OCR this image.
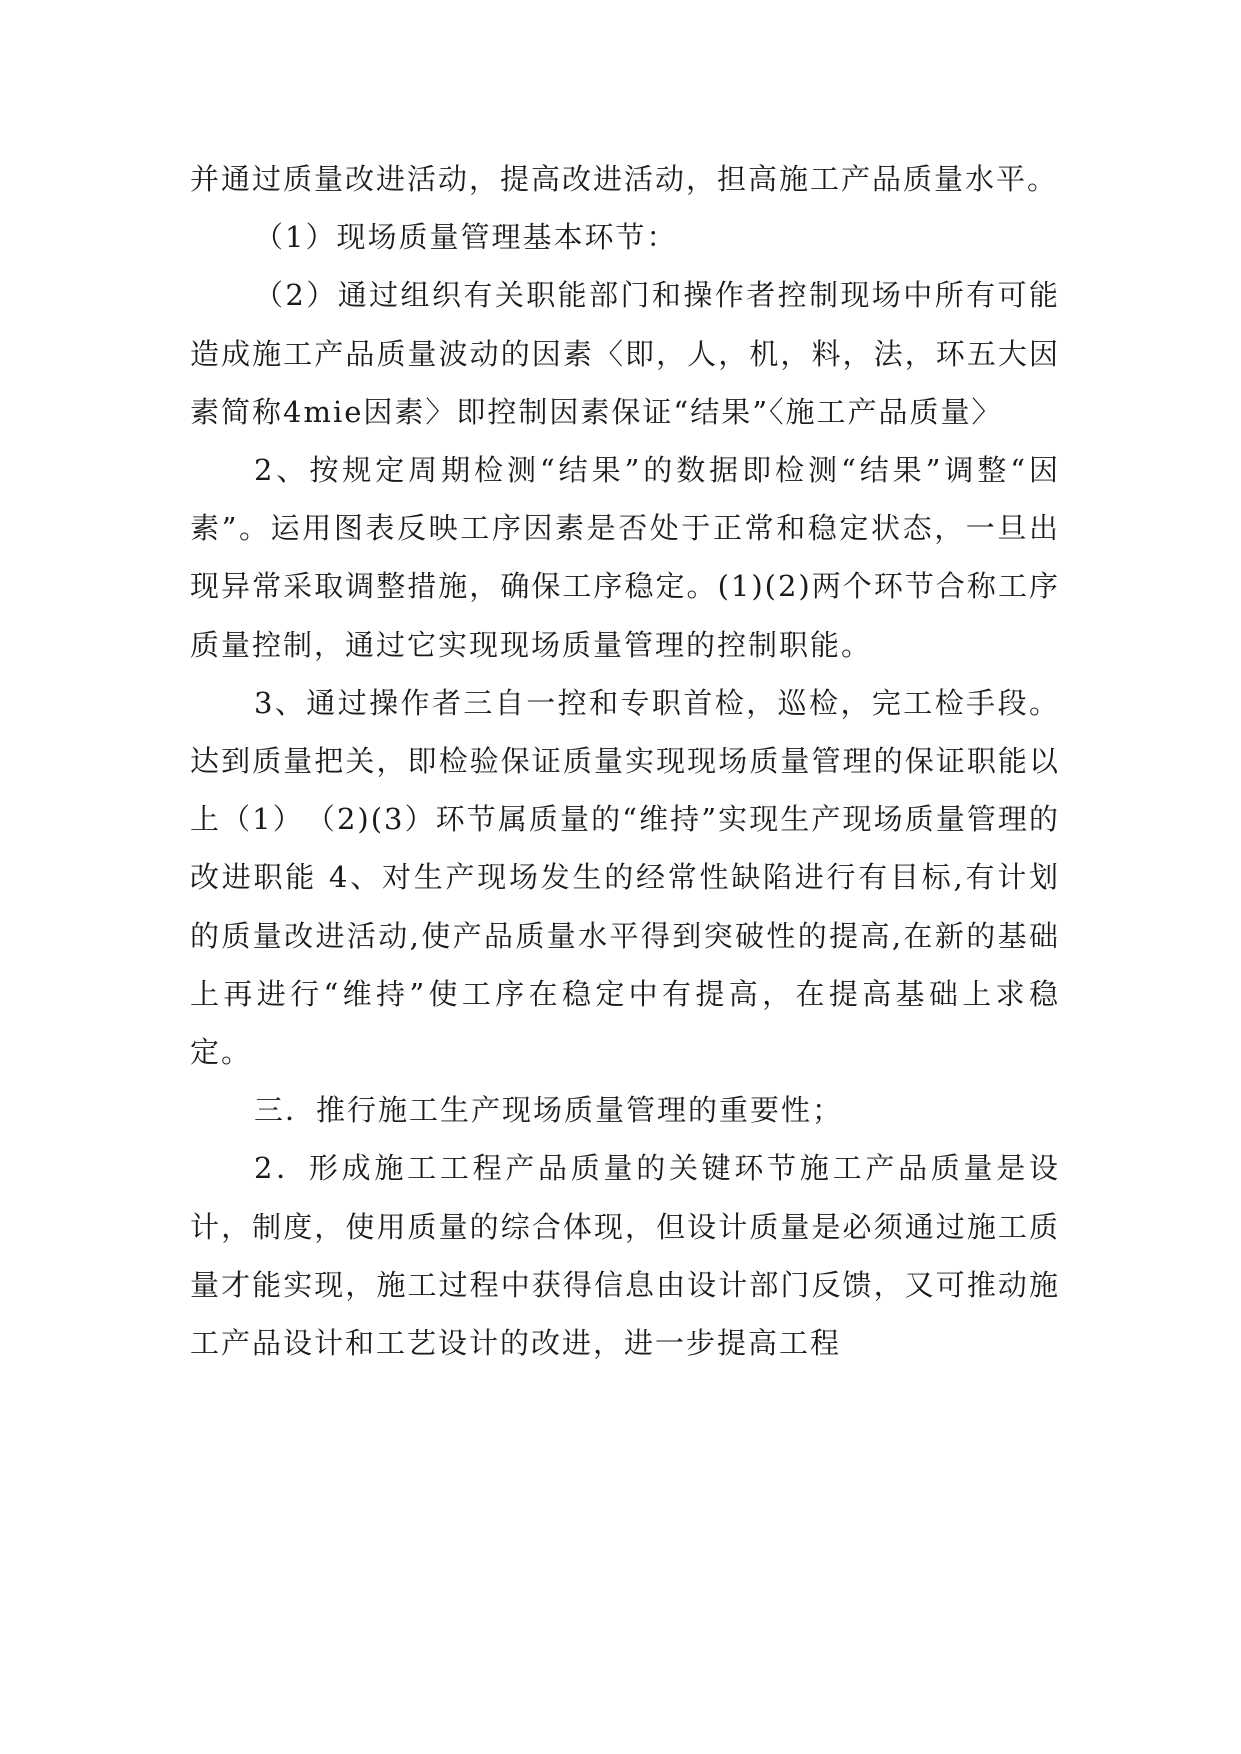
并通过质量改进活动，提高改进活动，担高施工产品质量水平。

（1）现场质量管理基本环节：

（2）通过组织有关职能部门和操作者控制现场中所有可能造成施工产品质量波动的因素〈即，人，机，料，法，环五大因素简称4mie因素〉即控制因素保证“结果”〈施工产品质量〉

2、按规定周期检测“结果”的数据即检测“结果”调整“因素”。运用图表反映工序因素是否处于正常和稳定状态，一旦出现异常采取调整措施，确保工序稳定。(1)(2)两个环节合称工序质量控制，通过它实现现场质量管理的控制职能。

3、通过操作者三自一控和专职首检，巡检，完工检手段。达到质量把关，即检验保证质量实现现场质量管理的保证职能以上（1）　（2)(3）环节属质量的“维持”实现生产现场质量管理的改进职能 4、对生产现场发生的经常性缺陷进行有目标,有计划的质量改进活动,使产品质量水平得到突破性的提高,在新的基础上再进行“维持”使工序在稳定中有提高，在提高基础上求稳定。

三．推行施工生产现场质量管理的重要性；

2．形成施工工程产品质量的关键环节施工产品质量是设计，制度，使用质量的综合体现，但设计质量是必须通过施工质量才能实现，施工过程中获得信息由设计部门反馈，又可推动施工产品设计和工艺设计的改进，进一步提高工程
